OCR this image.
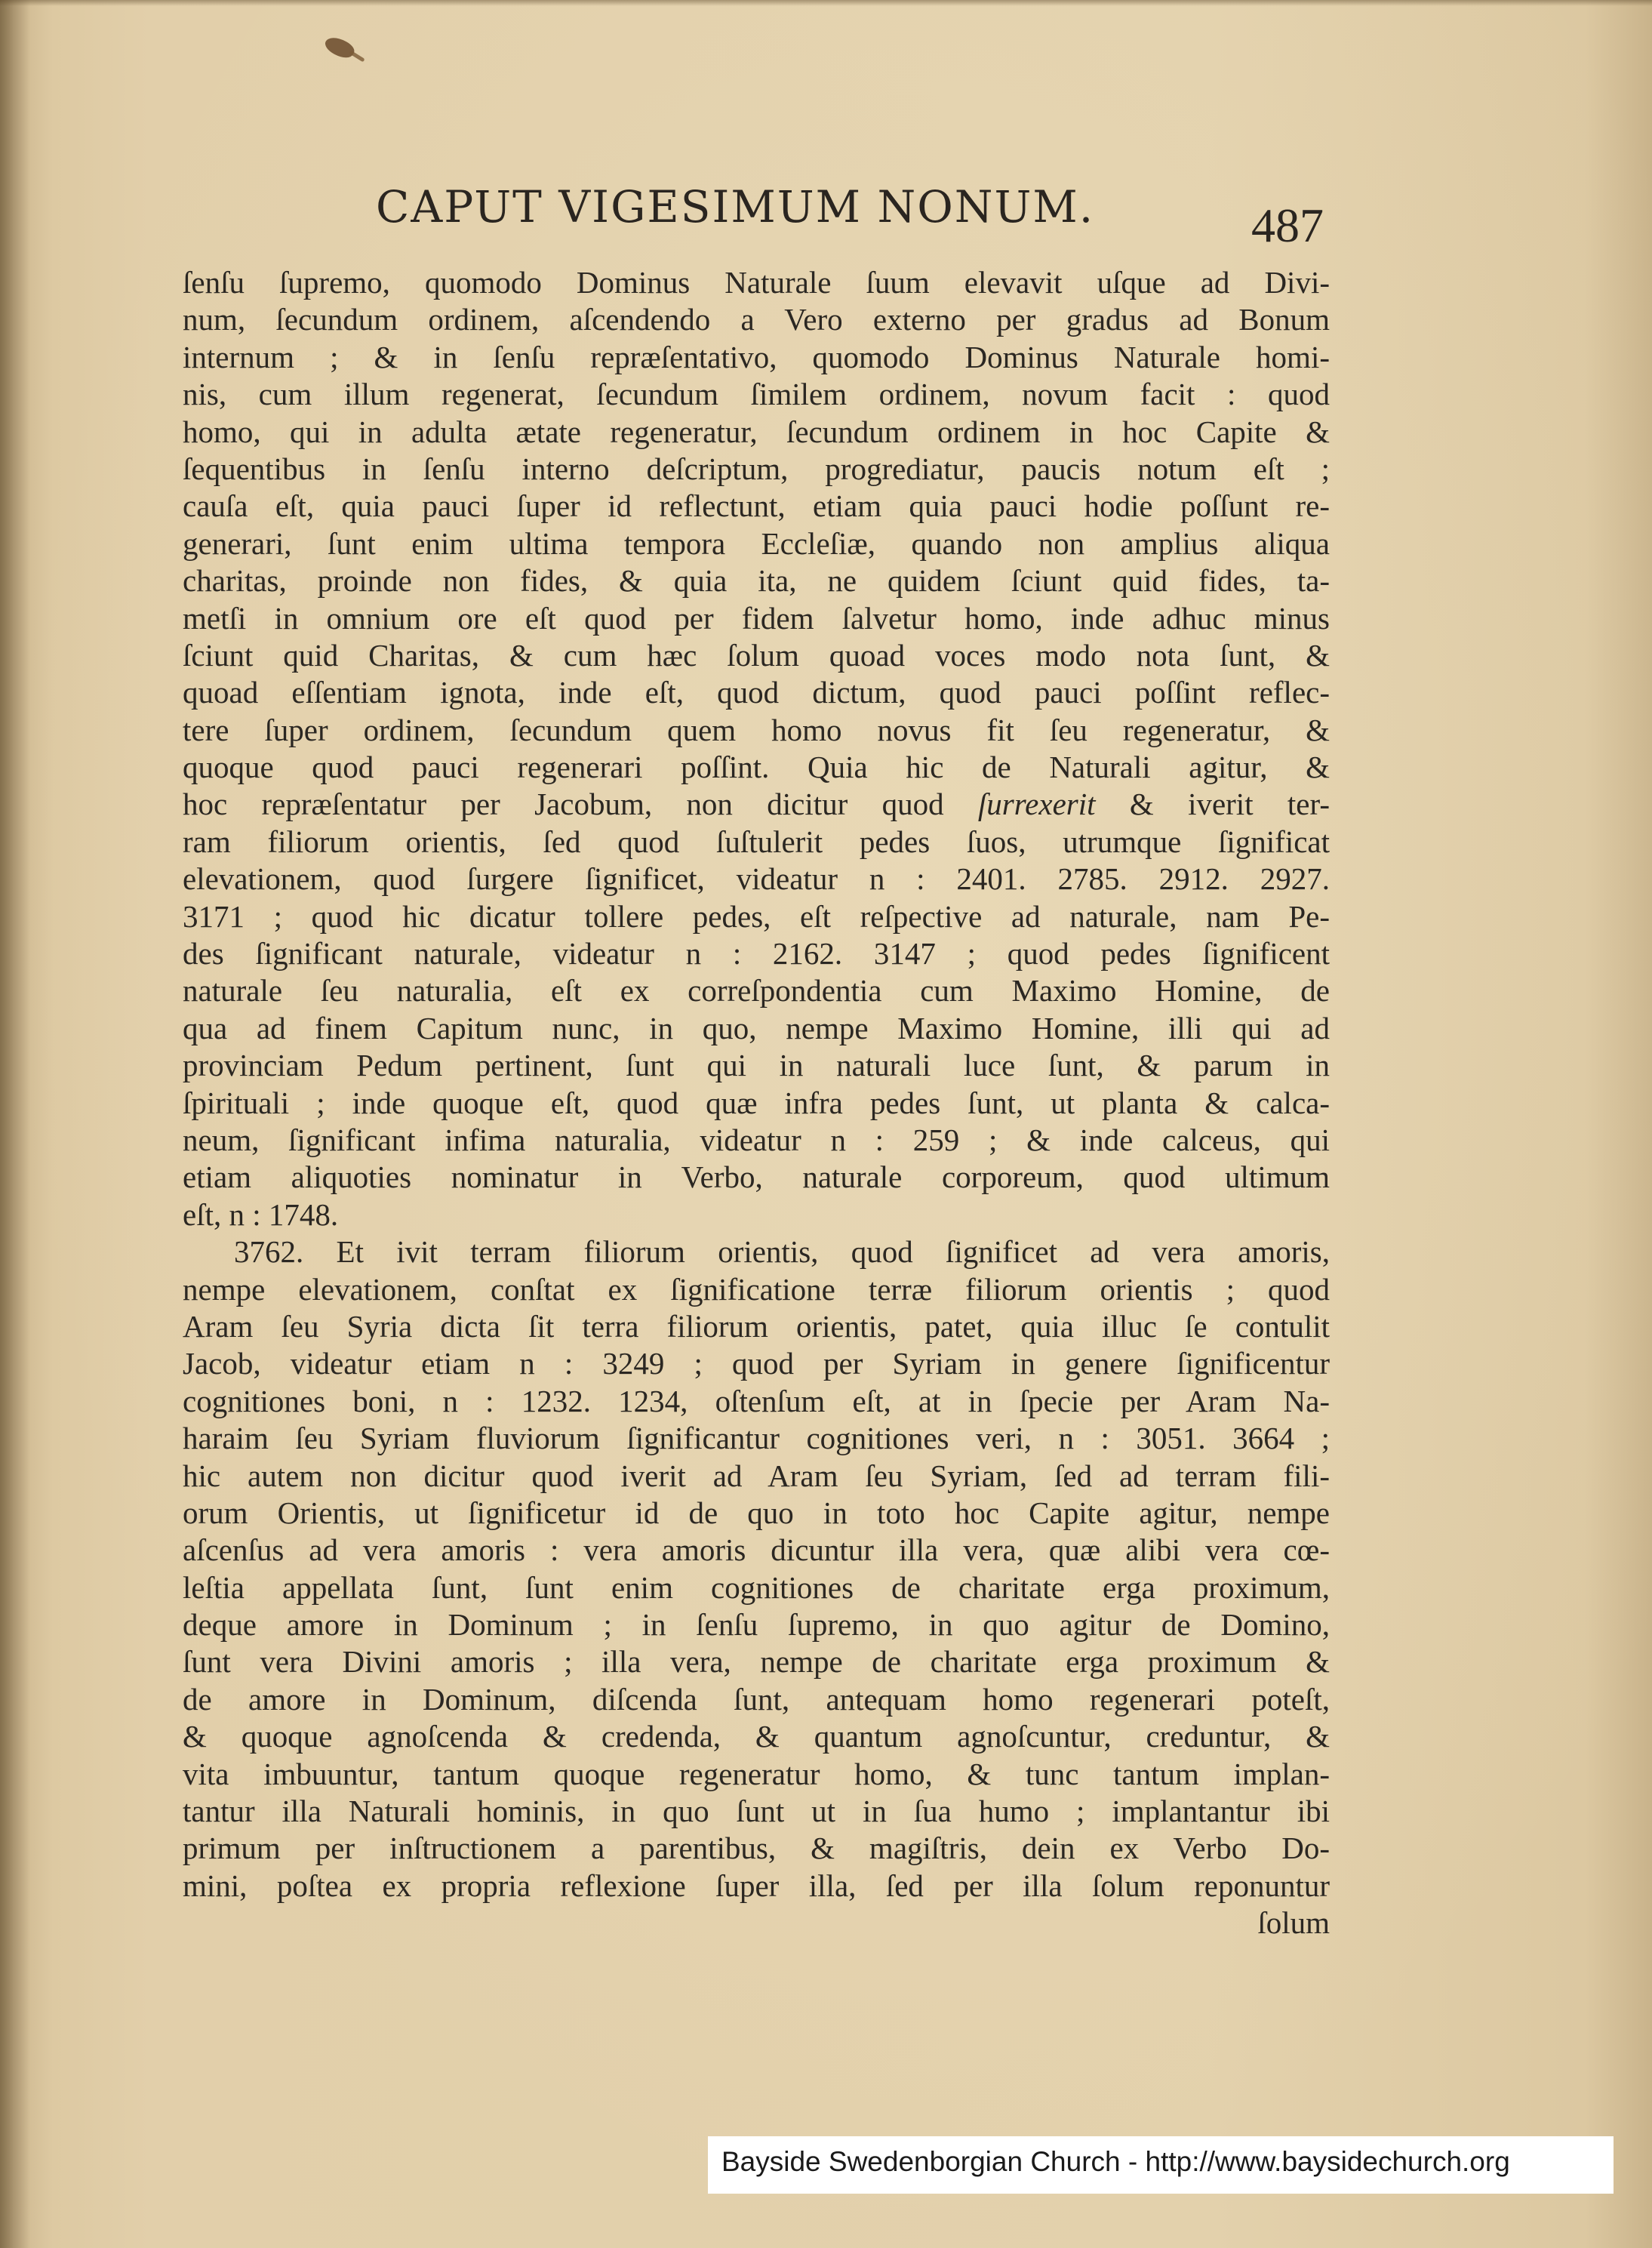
CAPUT VIGESIMUM NONUM.	487
ſenſu ſupremo, quomodo Dominus Naturale ſuum elevavit uſque ad Divi-
num, ſecundum ordinem, aſcendendo a Vero externo per gradus ad Bonum
internum ; & in ſenſu repræſentativo, quomodo Dominus Naturale homi-
nis, cum illum regenerat, ſecundum ſimilem ordinem, novum facit : quod
homo, qui in adulta ætate regeneratur, ſecundum ordinem in hoc Capite &
ſequentibus in ſenſu interno deſcriptum, progrediatur, paucis notum eſt ;
cauſa eſt, quia pauci ſuper id reflectunt, etiam quia pauci hodie poſſunt re-
generari, ſunt enim ultima tempora Eccleſiæ, quando non amplius aliqua
charitas, proinde non fides, & quia ita, ne quidem ſciunt quid fides, ta-
metſi in omnium ore eſt quod per fidem ſalvetur homo, inde adhuc minus
ſciunt quid Charitas, & cum hæc ſolum quoad voces modo nota ſunt, &
quoad eſſentiam ignota, inde eſt, quod dictum, quod pauci poſſint reflec-
tere ſuper ordinem, ſecundum quem homo novus fit ſeu regeneratur, &
quoque quod pauci regenerari poſſint. Quia hic de Naturali agitur, &
hoc repræſentatur per Jacobum, non dicitur quod ſurrexerit & iverit ter-
ram filiorum orientis, ſed quod ſuſtulerit pedes ſuos, utrumque ſignificat
elevationem, quod ſurgere ſignificet, videatur n : 2401. 2785. 2912. 2927.
3171 ; quod hic dicatur tollere pedes, eſt reſpective ad naturale, nam Pe-
des ſignificant naturale, videatur n : 2162. 3147 ; quod pedes ſignificent
naturale ſeu naturalia, eſt ex correſpondentia cum Maximo Homine, de
qua ad finem Capitum nunc, in quo, nempe Maximo Homine, illi qui ad
provinciam Pedum pertinent, ſunt qui in naturali luce ſunt, & parum in
ſpirituali ; inde quoque eſt, quod quæ infra pedes ſunt, ut planta & calca-
neum, ſignificant infima naturalia, videatur n : 259 ; & inde calceus, qui
etiam aliquoties nominatur in Verbo, naturale corporeum, quod ultimum
eſt, n : 1748.
3762. Et ivit terram filiorum orientis, quod ſignificet ad vera amoris,
nempe elevationem, conſtat ex ſignificatione terræ filiorum orientis ; quod
Aram ſeu Syria dicta ſit terra filiorum orientis, patet, quia illuc ſe contulit
Jacob, videatur etiam n : 3249 ; quod per Syriam in genere ſignificentur
cognitiones boni, n : 1232. 1234, oſtenſum eſt, at in ſpecie per Aram Na-
haraim ſeu Syriam fluviorum ſignificantur cognitiones veri, n : 3051. 3664 ;
hic autem non dicitur quod iverit ad Aram ſeu Syriam, ſed ad terram fili-
orum Orientis, ut ſignificetur id de quo in toto hoc Capite agitur, nempe
aſcenſus ad vera amoris : vera amoris dicuntur illa vera, quæ alibi vera cœ-
leſtia appellata ſunt, ſunt enim cognitiones de charitate erga proximum,
deque amore in Dominum ; in ſenſu ſupremo, in quo agitur de Domino,
ſunt vera Divini amoris ; illa vera, nempe de charitate erga proximum &
de amore in Dominum, diſcenda ſunt, antequam homo regenerari poteſt,
& quoque agnoſcenda & credenda, & quantum agnoſcuntur, creduntur, &
vita imbuuntur, tantum quoque regeneratur homo, & tunc tantum implan-
tantur illa Naturali hominis, in quo ſunt ut in ſua humo ; implantantur ibi
primum per inſtructionem a parentibus, & magiſtris, dein ex Verbo Do-
mini, poſtea ex propria reflexione ſuper illa, ſed per illa ſolum reponuntur
ſolum
Bayside Swedenborgian Church - http://www.baysidechurch.org
